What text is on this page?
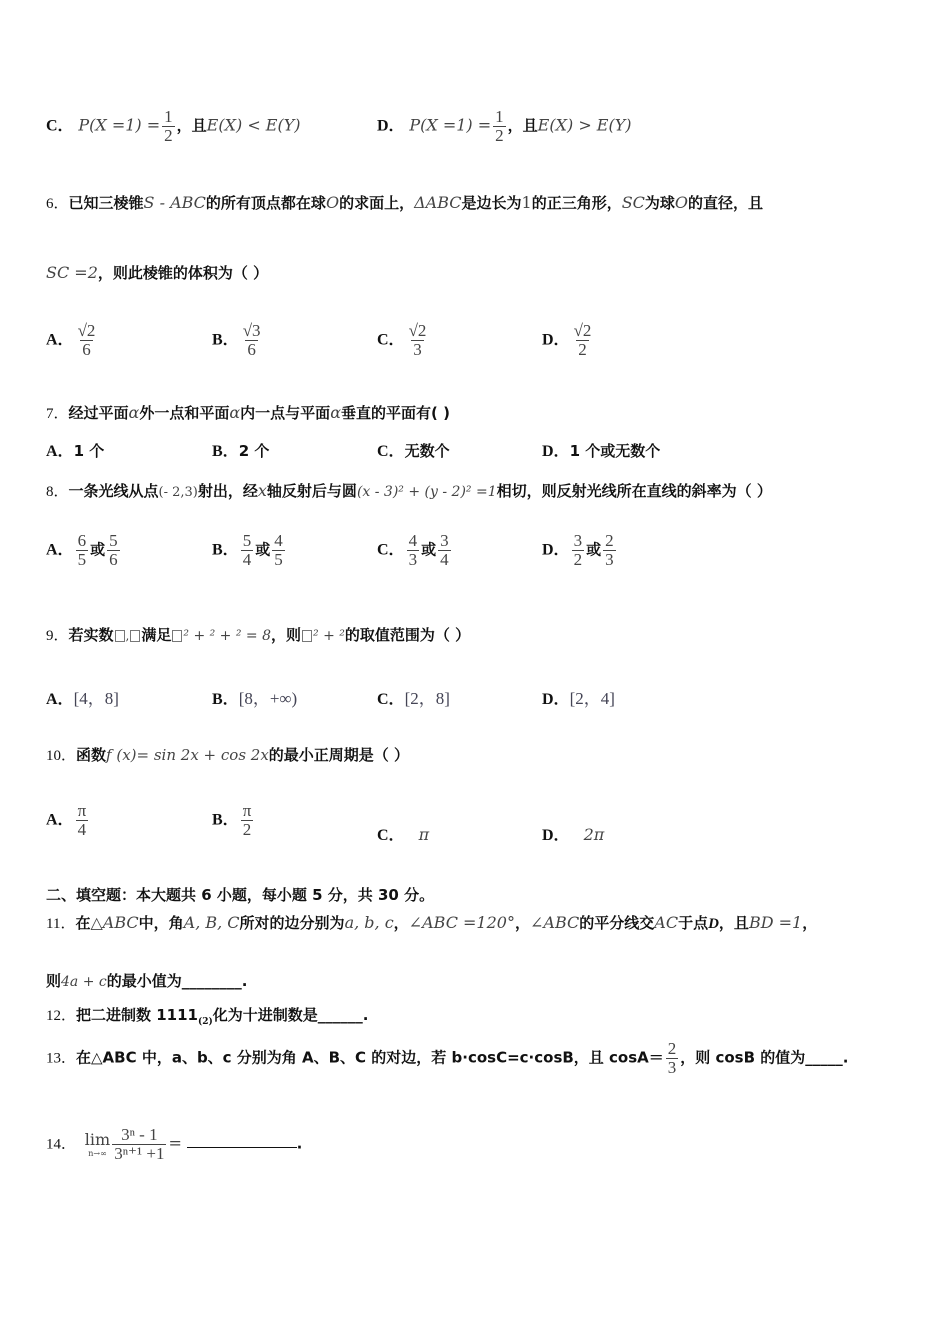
C． $P(X =1) = \frac{1}{2}$ ，且E(X) < E(Y)	D． $P(X =1) = \frac{1}{2}$ ，且E(X) > E(Y)
6．已知三棱锥S - ABC的所有顶点都在球O的求面上，ΔABC是边长为1的正三角形，SC为球O的直径，且
SC =2，则此棱锥的体积为（ ）
A． $\frac{√2}{6}$	B． $\frac{√3}{6}$	C． $\frac{√2}{3}$	D． $\frac{√2}{2}$
7．经过平面α外一点和平面α内一点与平面α垂直的平面有( )
A．1 个	B．2 个	C．无数个	D．1 个或无数个
8．一条光线从点(- 2,3)射出，经x轴反射后与圆(x - 3)² + (y - 2)² =1相切，则反射光线所在直线的斜率为（ ）
A． $\frac{6}{5}$ 或 $\frac{5}{6}$	B． $\frac{5}{4}$ 或 $\frac{4}{5}$	C． $\frac{4}{3}$ 或 $\frac{3}{4}$	D． $\frac{3}{2}$ 或 $\frac{2}{3}$
9．若实数 , 满足 ² + ² + ² = 8，则 ² + ²的取值范围为（ ）
A．[4，8]	B．[8，+∞)	C．[2，8]	D．[2，4]
10．函数f (x)= sin 2x + cos 2x的最小正周期是（ ）
A． $\frac{\pi}{4}$	B． $\frac{\pi}{2}$	C． π	D． 2π
二、填空题：本大题共 6 小题，每小题 5 分，共 30 分。
11．在△ABC中，角A, B, C所对的边分别为a, b, c，∠ABC =120°，∠ABC的平分线交AC于点D，且BD =1，
则4a + c的最小值为________.
12．把二进制数 $1111_{(2)}$化为十进制数是______.
13．在△ABC 中，a、b、c 分别为角 A、B、C 的对边，若 b·cosC=c·cosB，且 $\cos A= \frac{2}{3}$ ，则 cosB 的值为_____.
14． lim
$n\to\infty \frac{\text{3ⁿ - 1}}{\text{3ⁿ⁺¹ +1}}$ =	.
